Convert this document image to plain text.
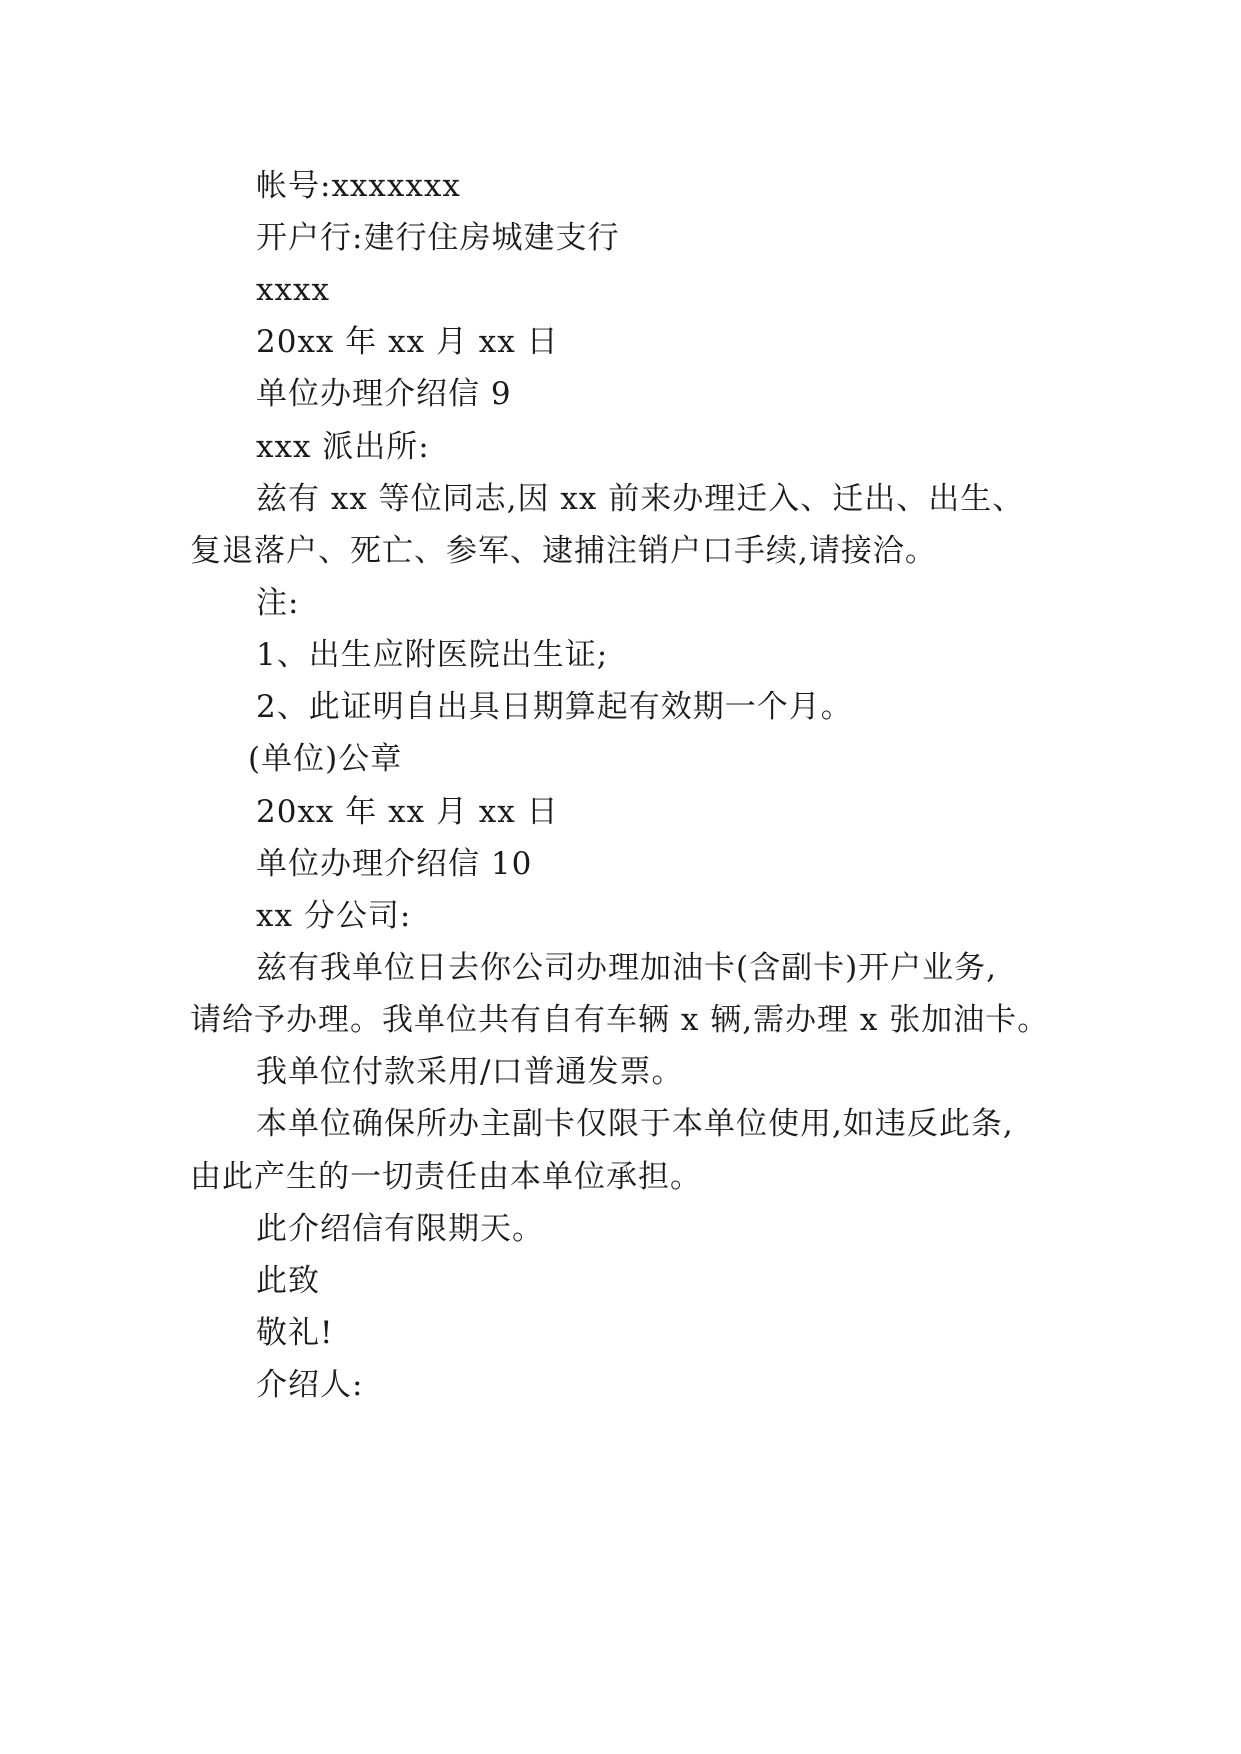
帐号:xxxxxxx
开户行:建行住房城建支行
xxxx
20xx 年 xx 月 xx 日
单位办理介绍信 9
xxx 派出所:
兹有 xx 等位同志,因 xx 前来办理迁入、迁出、出生、
复退落户、死亡、参军、逮捕注销户口手续,请接洽。
注:
1、出生应附医院出生证;
2、此证明自出具日期算起有效期一个月。
(单位)公章
20xx 年 xx 月 xx 日
单位办理介绍信 10
xx 分公司:
兹有我单位日去你公司办理加油卡(含副卡)开户业务,
请给予办理。我单位共有自有车辆 x 辆,需办理 x 张加油卡。
我单位付款采用/口普通发票。
本单位确保所办主副卡仅限于本单位使用,如违反此条,
由此产生的一切责任由本单位承担。
此介绍信有限期天。
此致
敬礼!
介绍人:
